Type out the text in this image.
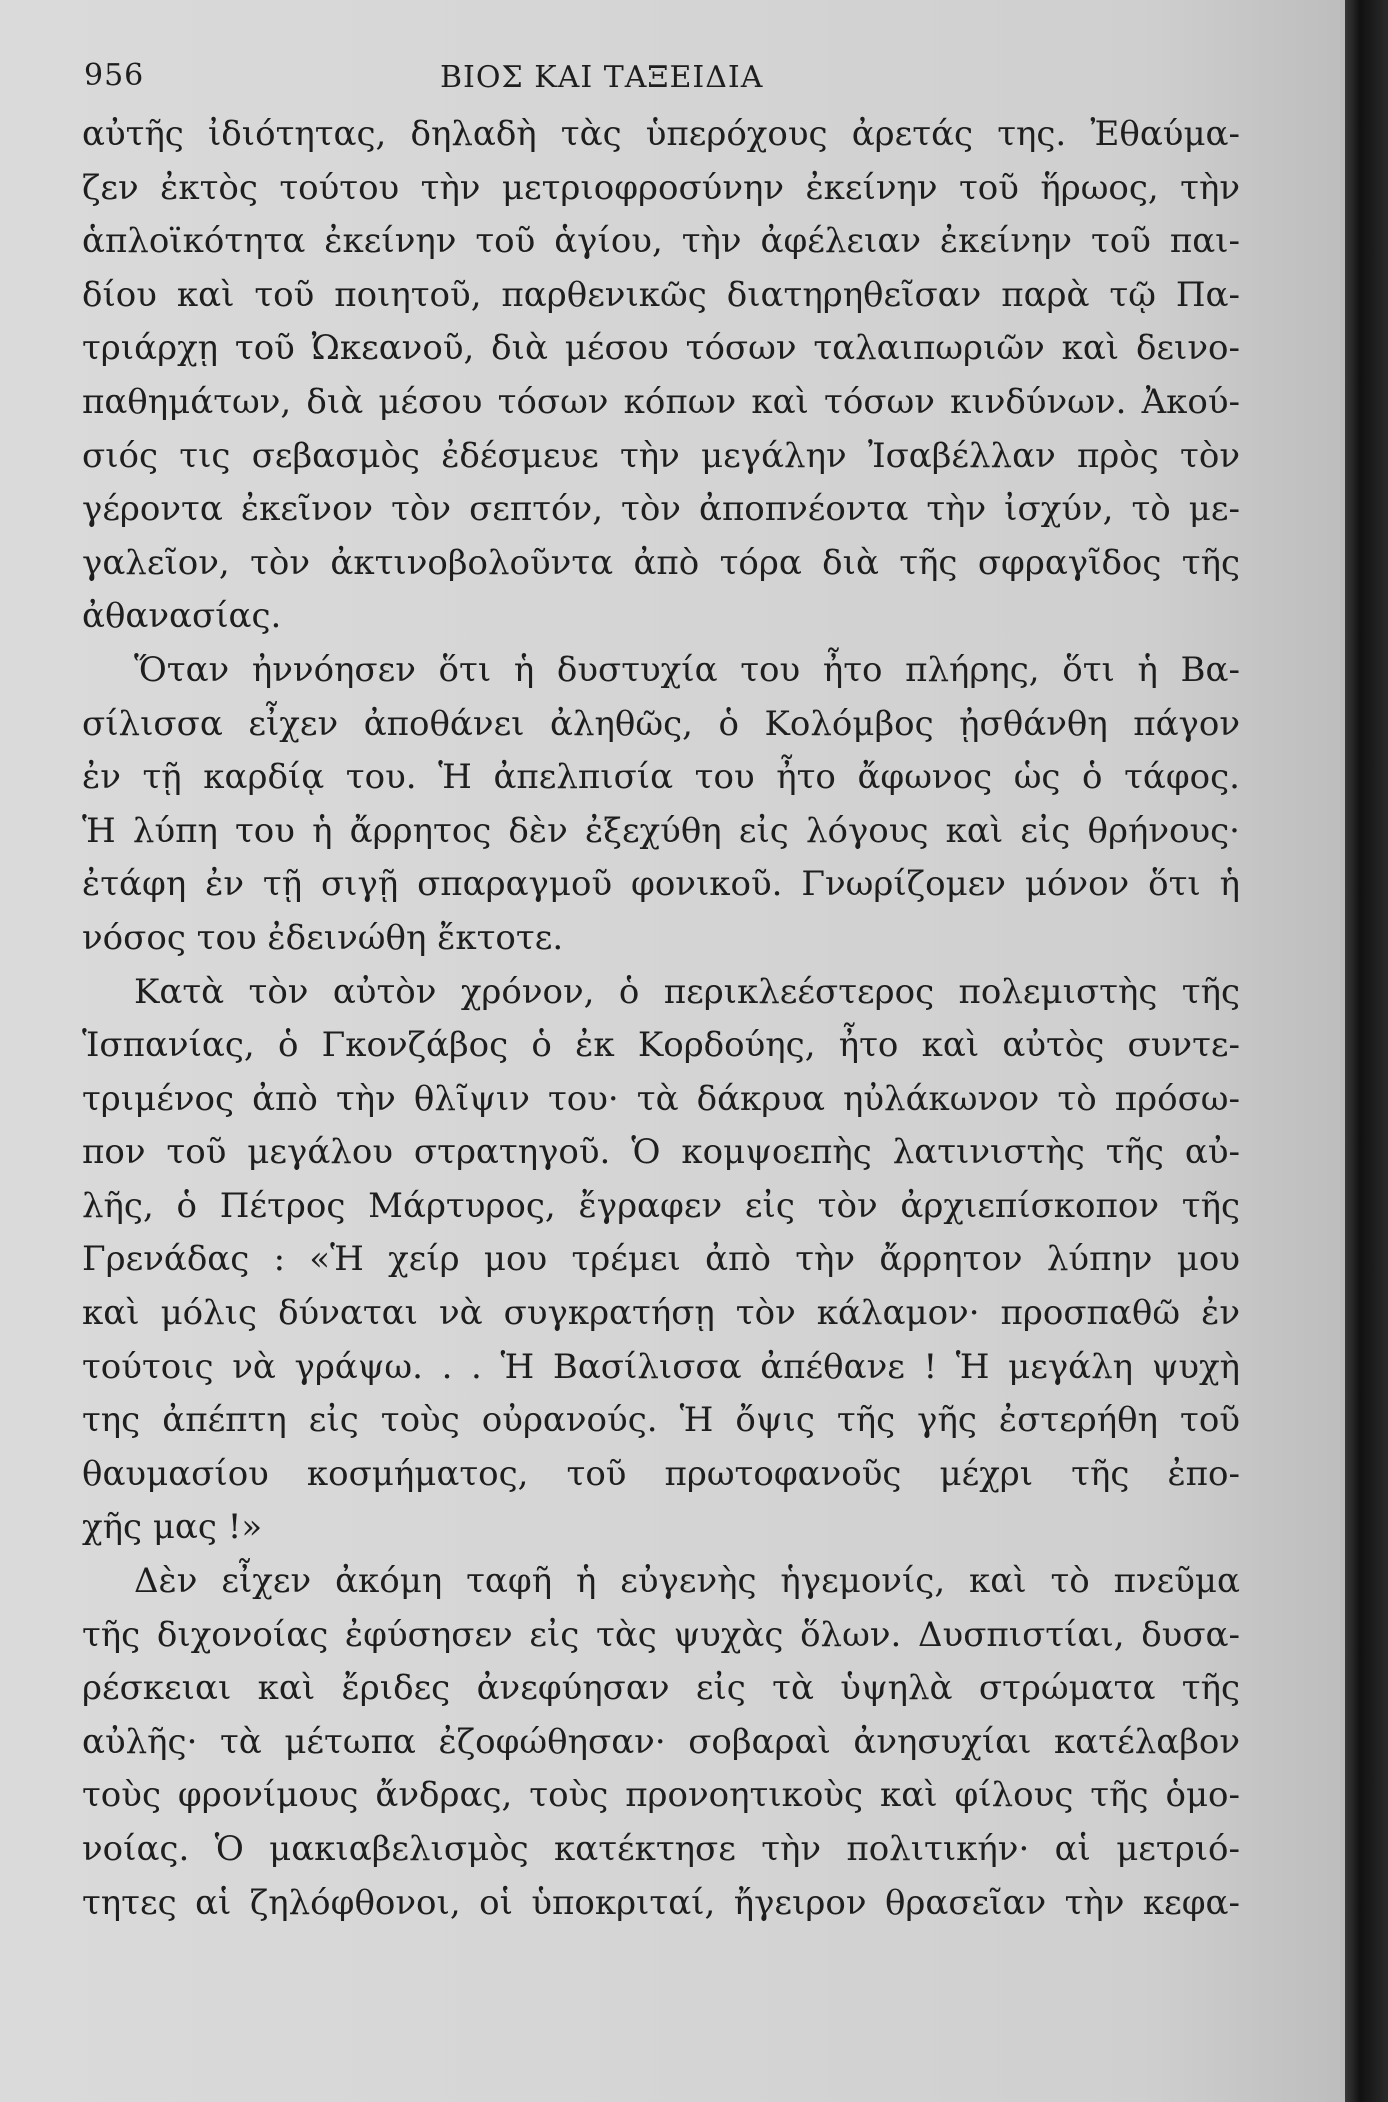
956	ΒΙΟΣ ΚΑΙ ΤΑΞΕΙΔΙΑ
αὐτῆς ἰδιότητας, δηλαδὴ τὰς ὑπερόχους ἀρετάς της. Ἐθαύμα-
ζεν ἐκτὸς τούτου τὴν μετριοφροσύνην ἐκείνην τοῦ ἥρωος, τὴν
ἁπλοϊκότητα ἐκείνην τοῦ ἁγίου, τὴν ἀφέλειαν ἐκείνην τοῦ παι-
δίου καὶ τοῦ ποιητοῦ, παρθενικῶς διατηρηθεῖσαν παρὰ τῷ Πα-
τριάρχῃ τοῦ Ὠκεανοῦ, διὰ μέσου τόσων ταλαιπωριῶν καὶ δεινο-
παθημάτων, διὰ μέσου τόσων κόπων καὶ τόσων κινδύνων. Ἀκού-
σιός τις σεβασμὸς ἐδέσμευε τὴν μεγάλην Ἰσαβέλλαν πρὸς τὸν
γέροντα ἐκεῖνον τὸν σεπτόν, τὸν ἀποπνέοντα τὴν ἰσχύν, τὸ με-
γαλεῖον, τὸν ἀκτινοβολοῦντα ἀπὸ τόρα διὰ τῆς σφραγῖδος τῆς
ἀθανασίας.
Ὅταν ἠννόησεν ὅτι ἡ δυστυχία του ἦτο πλήρης, ὅτι ἡ Βα-
σίλισσα εἶχεν ἀποθάνει ἀληθῶς, ὁ Κολόμβος ᾐσθάνθη πάγον
ἐν τῇ καρδίᾳ του. Ἡ ἀπελπισία του ἦτο ἄφωνος ὡς ὁ τάφος.
Ἡ λύπη του ἡ ἄρρητος δὲν ἐξεχύθη εἰς λόγους καὶ εἰς θρήνους·
ἐτάφη ἐν τῇ σιγῇ σπαραγμοῦ φονικοῦ. Γνωρίζομεν μόνον ὅτι ἡ
νόσος του ἐδεινώθη ἔκτοτε.
Κατὰ τὸν αὐτὸν χρόνον, ὁ περικλεέστερος πολεμιστὴς τῆς
Ἱσπανίας, ὁ Γκονζάβος ὁ ἐκ Κορδούης, ἦτο καὶ αὐτὸς συντε-
τριμένος ἀπὸ τὴν θλῖψιν του· τὰ δάκρυα ηὐλάκωνον τὸ πρόσω-
πον τοῦ μεγάλου στρατηγοῦ. Ὁ κομψοεπὴς λατινιστὴς τῆς αὐ-
λῆς, ὁ Πέτρος Μάρτυρος, ἔγραφεν εἰς τὸν ἀρχιεπίσκοπον τῆς
Γρενάδας : «Ἡ χείρ μου τρέμει ἀπὸ τὴν ἄρρητον λύπην μου
καὶ μόλις δύναται νὰ συγκρατήσῃ τὸν κάλαμον· προσπαθῶ ἐν
τούτοις νὰ γράψω. . . Ἡ Βασίλισσα ἀπέθανε ! Ἡ μεγάλη ψυχὴ
της ἀπέπτη εἰς τοὺς οὐρανούς. Ἡ ὄψις τῆς γῆς ἐστερήθη τοῦ
θαυμασίου κοσμήματος, τοῦ πρωτοφανοῦς μέχρι τῆς ἐπο-
χῆς μας !»
Δὲν εἶχεν ἀκόμη ταφῆ ἡ εὐγενὴς ἡγεμονίς, καὶ τὸ πνεῦμα
τῆς διχονοίας ἐφύσησεν εἰς τὰς ψυχὰς ὅλων. Δυσπιστίαι, δυσα-
ρέσκειαι καὶ ἔριδες ἀνεφύησαν εἰς τὰ ὑψηλὰ στρώματα τῆς
αὐλῆς· τὰ μέτωπα ἐζοφώθησαν· σοβαραὶ ἀνησυχίαι κατέλαβον
τοὺς φρονίμους ἄνδρας, τοὺς προνοητικοὺς καὶ φίλους τῆς ὁμο-
νοίας. Ὁ μακιαβελισμὸς κατέκτησε τὴν πολιτικήν· αἱ μετριό-
τητες αἱ ζηλόφθονοι, οἱ ὑποκριταί, ἤγειρον θρασεῖαν τὴν κεφα-
